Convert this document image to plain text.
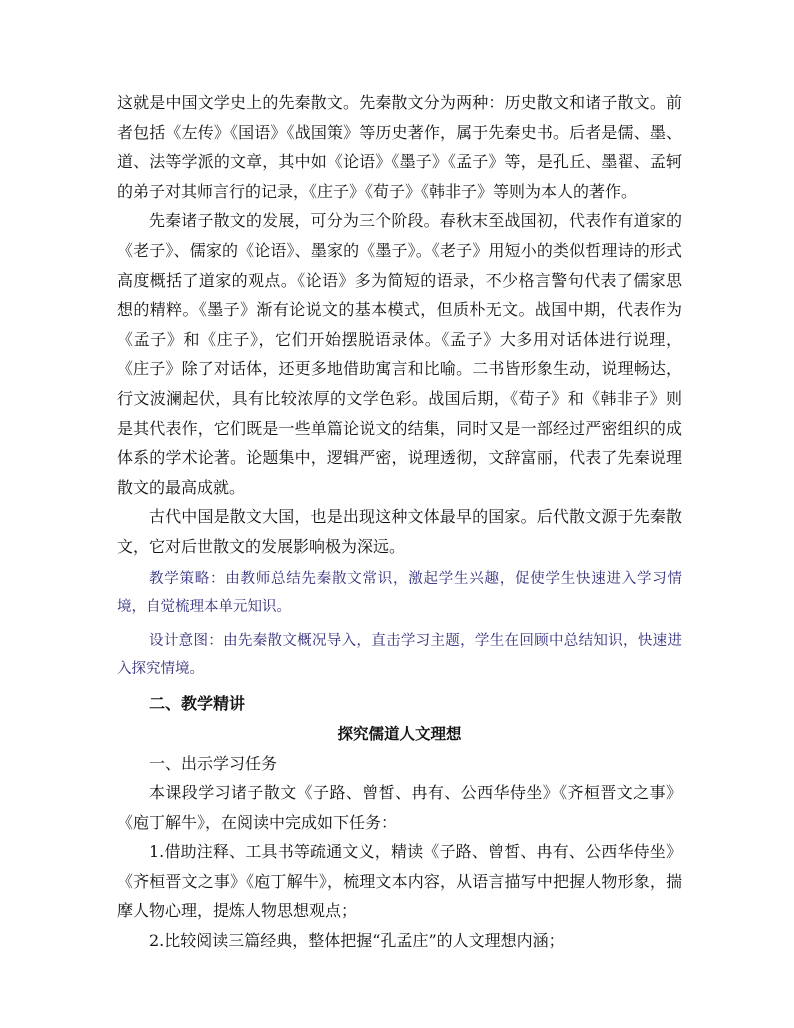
这就是中国文学史上的先秦散文。先秦散文分为两种：历史散文和诸子散文。前者包括《左传》《国语》《战国策》等历史著作，属于先秦史书。后者是儒、墨、道、法等学派的文章，其中如《论语》《墨子》《孟子》等，是孔丘、墨翟、孟轲的弟子对其师言行的记录，《庄子》《荀子》《韩非子》等则为本人的著作。

先秦诸子散文的发展，可分为三个阶段。春秋末至战国初，代表作有道家的《老子》、儒家的《论语》、墨家的《墨子》。《老子》用短小的类似哲理诗的形式高度概括了道家的观点。《论语》多为简短的语录，不少格言警句代表了儒家思想的精粹。《墨子》渐有论说文的基本模式，但质朴无文。战国中期，代表作为《孟子》和《庄子》，它们开始摆脱语录体。《孟子》大多用对话体进行说理，《庄子》除了对话体，还更多地借助寓言和比喻。二书皆形象生动，说理畅达，行文波澜起伏，具有比较浓厚的文学色彩。战国后期，《荀子》和《韩非子》则是其代表作，它们既是一些单篇论说文的结集，同时又是一部经过严密组织的成体系的学术论著。论题集中，逻辑严密，说理透彻，文辞富丽，代表了先秦说理散文的最高成就。

古代中国是散文大国，也是出现这种文体最早的国家。后代散文源于先秦散文，它对后世散文的发展影响极为深远。

教学策略：由教师总结先秦散文常识，激起学生兴趣，促使学生快速进入学习情境，自觉梳理本单元知识。

设计意图：由先秦散文概况导入，直击学习主题，学生在回顾中总结知识，快速进入探究情境。

二、教学精讲

探究儒道人文理想

一、出示学习任务

本课段学习诸子散文《子路、曾皙、冉有、公西华侍坐》《齐桓晋文之事》《庖丁解牛》，在阅读中完成如下任务：

1.借助注释、工具书等疏通文义，精读《子路、曾皙、冉有、公西华侍坐》《齐桓晋文之事》《庖丁解牛》，梳理文本内容，从语言描写中把握人物形象，揣摩人物心理，提炼人物思想观点；

2.比较阅读三篇经典，整体把握“孔孟庄”的人文理想内涵；
